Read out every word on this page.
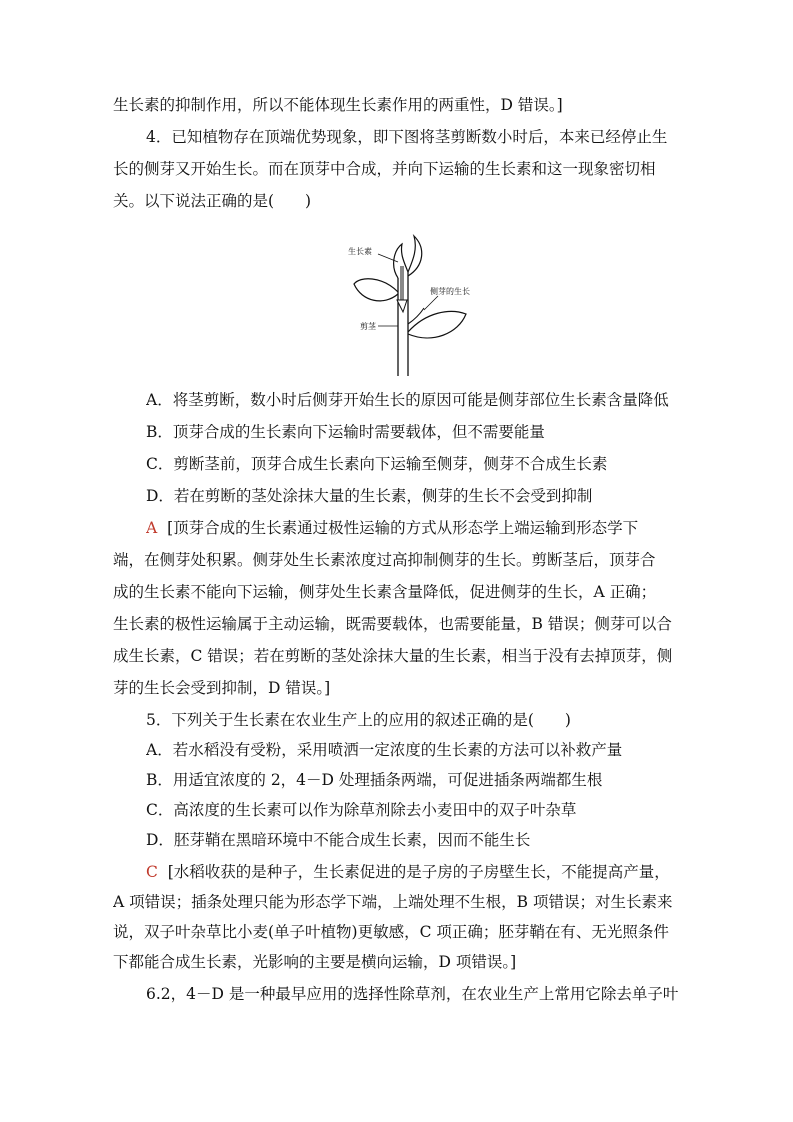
生长素的抑制作用，所以不能体现生长素作用的两重性，D 错误。]
4．已知植物存在顶端优势现象，即下图将茎剪断数小时后，本来已经停止生
长的侧芽又开始生长。而在顶芽中合成，并向下运输的生长素和这一现象密切相
关。以下说法正确的是(　　)
生长素
侧芽的生长
剪茎
A．将茎剪断，数小时后侧芽开始生长的原因可能是侧芽部位生长素含量降低
B．顶芽合成的生长素向下运输时需要载体，但不需要能量
C．剪断茎前，顶芽合成生长素向下运输至侧芽，侧芽不合成生长素
D．若在剪断的茎处涂抹大量的生长素，侧芽的生长不会受到抑制
A [顶芽合成的生长素通过极性运输的方式从形态学上端运输到形态学下
端，在侧芽处积累。侧芽处生长素浓度过高抑制侧芽的生长。剪断茎后，顶芽合
成的生长素不能向下运输，侧芽处生长素含量降低，促进侧芽的生长，A 正确；
生长素的极性运输属于主动运输，既需要载体，也需要能量，B 错误；侧芽可以合
成生长素，C 错误；若在剪断的茎处涂抹大量的生长素，相当于没有去掉顶芽，侧
芽的生长会受到抑制，D 错误。]
5．下列关于生长素在农业生产上的应用的叙述正确的是(　　)
A．若水稻没有受粉，采用喷洒一定浓度的生长素的方法可以补救产量
B．用适宜浓度的 2，4－D 处理插条两端，可促进插条两端都生根
C．高浓度的生长素可以作为除草剂除去小麦田中的双子叶杂草
D．胚芽鞘在黑暗环境中不能合成生长素，因而不能生长
C [水稻收获的是种子，生长素促进的是子房的子房壁生长，不能提高产量，
A 项错误；插条处理只能为形态学下端，上端处理不生根，B 项错误；对生长素来
说，双子叶杂草比小麦(单子叶植物)更敏感，C 项正确；胚芽鞘在有、无光照条件
下都能合成生长素，光影响的主要是横向运输，D 项错误。]
6.2，4－D 是一种最早应用的选择性除草剂，在农业生产上常用它除去单子叶
